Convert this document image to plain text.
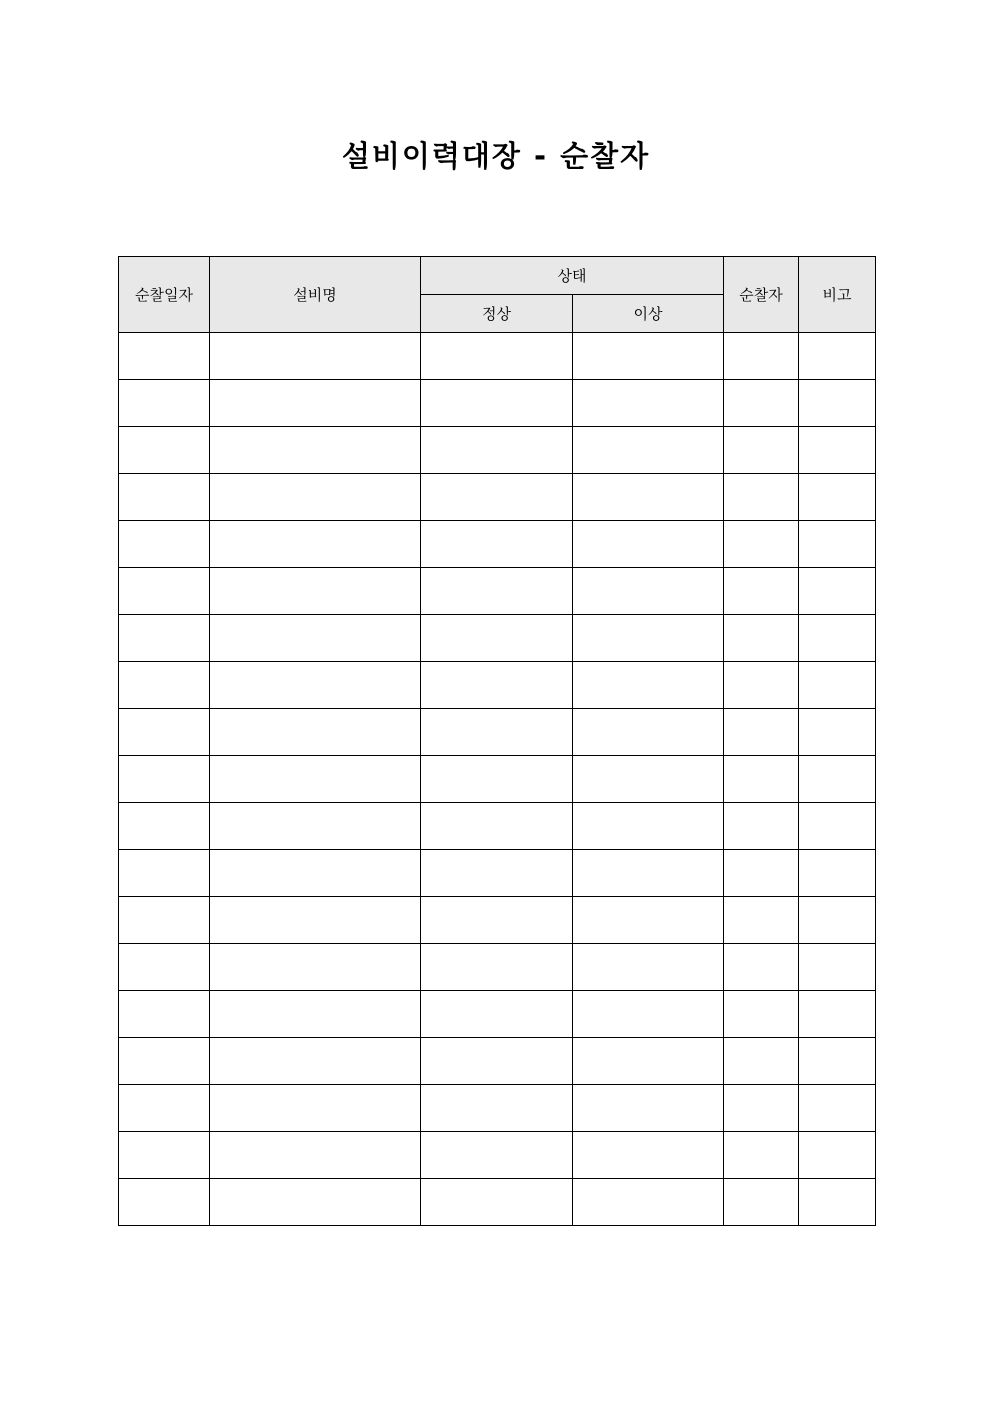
설비이력대장 - 순찰자
순찰일자	설비명	상태		순찰자	비고
		정상	이상		
